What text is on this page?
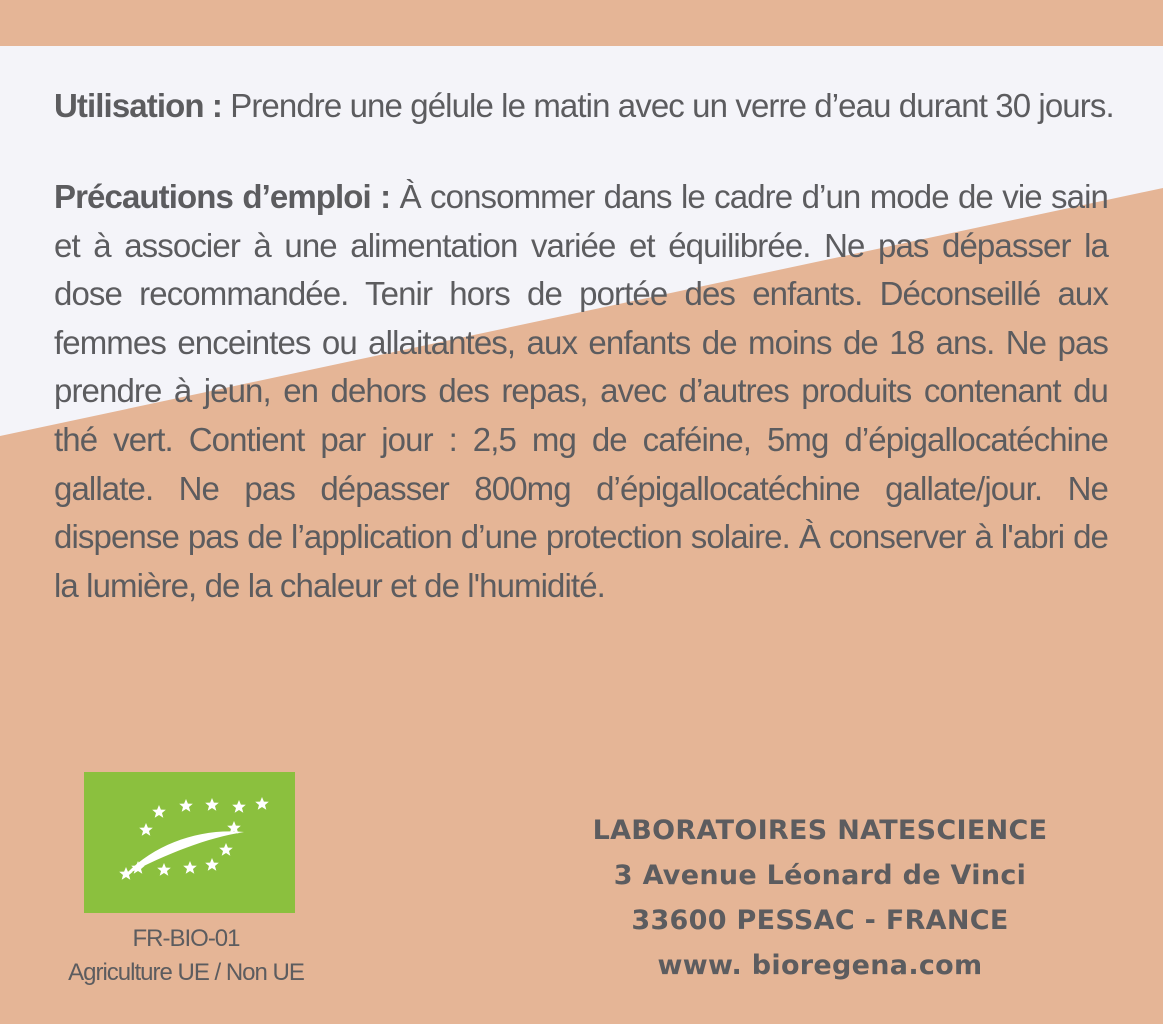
Utilisation : Prendre une gélule le matin avec un verre d’eau durant 30 jours.

Précautions d’emploi : À consommer dans le cadre d’un mode de vie sain et à associer à une alimentation variée et équilibrée. Ne pas dépasser la dose recommandée. Tenir hors de portée des enfants. Déconseillé aux femmes enceintes ou allaitantes, aux enfants de moins de 18 ans. Ne pas prendre à jeun, en dehors des repas, avec d’autres produits contenant du thé vert. Contient par jour : 2,5 mg de caféine, 5mg d’épigallocatéchine gallate. Ne pas dépasser 800mg d’épigallocatéchine gallate/jour. Ne dispense pas de l’application d’une protection solaire. À conserver à l'abri de la lumière, de la chaleur et de l'humidité.

FR-BIO-01
Agriculture UE / Non UE
LABORATOIRES NATESCIENCE
3 Avenue Léonard de Vinci
33600 PESSAC - FRANCE
www. bioregena.com
